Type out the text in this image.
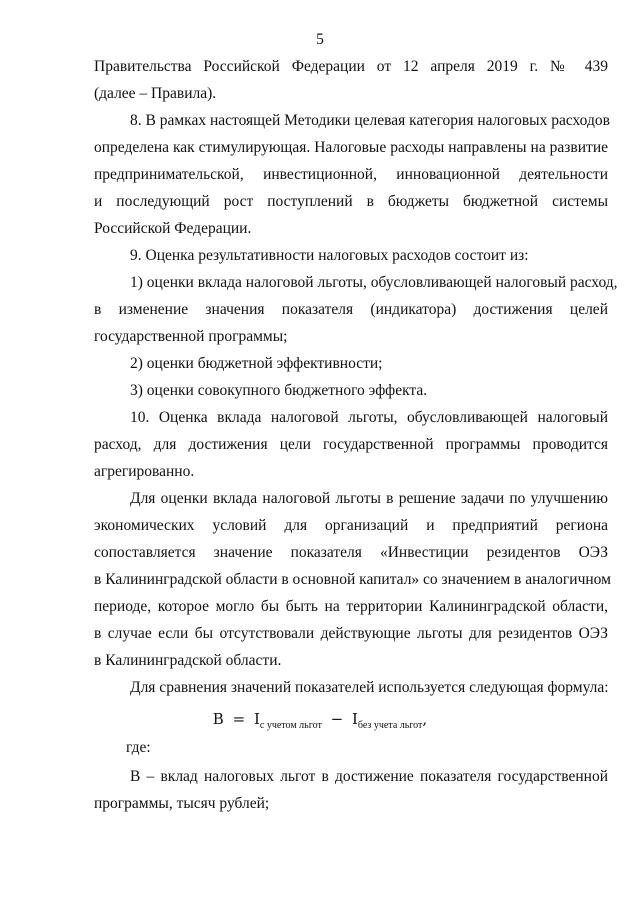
5
Правительства Российской Федерации от 12 апреля 2019 г. № 439
(далее – Правила).
8. В рамках настоящей Методики целевая категория налоговых расходов
определена как стимулирующая. Налоговые расходы направлены на развитие
предпринимательской, инвестиционной, инновационной деятельности
и последующий рост поступлений в бюджеты бюджетной системы
Российской Федерации.
9. Оценка результативности налоговых расходов состоит из:
1) оценки вклада налоговой льготы, обусловливающей налоговый расход,
в изменение значения показателя (индикатора) достижения целей
государственной программы;
2) оценки бюджетной эффективности;
3) оценки совокупного бюджетного эффекта.
10. Оценка вклада налоговой льготы, обусловливающей налоговый
расход, для достижения цели государственной программы проводится
агрегированно.
Для оценки вклада налоговой льготы в решение задачи по улучшению
экономических условий для организаций и предприятий региона
сопоставляется значение показателя «Инвестиции резидентов ОЭЗ
в Калининградской области в основной капитал» со значением в аналогичном
периоде, которое могло бы быть на территории Калининградской области,
в случае если бы отсутствовали действующие льготы для резидентов ОЭЗ
в Калининградской области.
Для сравнения значений показателей используется следующая формула:
$B = I_{с учетом льгот} - I_{без учета льгот}$,
где:
В – вклад налоговых льгот в достижение показателя государственной
программы, тысяч рублей;
